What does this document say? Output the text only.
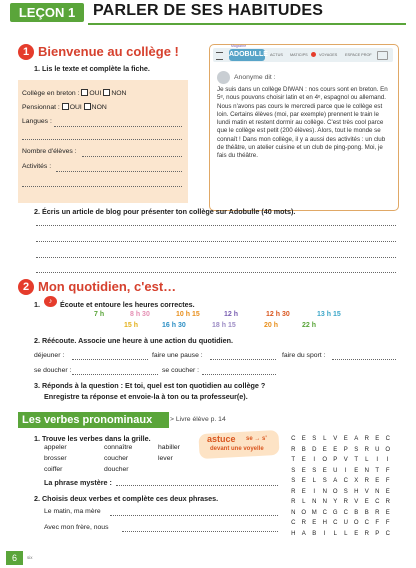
LEÇON 1	PARLER DE SES HABITUDES
1 Bienvenue au collège !
1. Lis le texte et complète la fiche.
Collège en breton : OUI NON
Pensionnat : OUI NON
Langues :
Nombre d'élèves :
Activités :
Magazine
ADOBULLE ACTUS MATICIPS	VOYAGES ESPACE PROF
Anonyme dit :
Je suis dans un collège DIWAN : nos cours sont en breton. En 5ᵉ, nous pouvons choisir latin et en 4ᵉ, espagnol ou allemand. Nous n'avons pas cours le mercredi parce que le collège est loin. Certains élèves (moi, par exemple) prennent le train le lundi matin et restent dormir au collège. C'est très cool parce que le collège est petit (200 élèves). Alors, tout le monde se connaît ! Dans mon collège, il y a aussi des activités : un club de théâtre, un atelier cuisine et un club de ping-pong. Moi, je fais du théâtre.
2. Écris un article de blog pour présenter ton collège sur Adobulle (40 mots).
2 Mon quotidien, c'est…
1.	♪	Écoute et entoure les heures correctes.
7 h	8 h 30	10 h 15	12 h	12 h 30	13 h 15
15 h	16 h 30	18 h 15	20 h	22 h
2. Réécoute. Associe une heure à une action du quotidien.
déjeuner :	faire une pause :	faire du sport :
se doucher :	se coucher :
3. Réponds à la question : Et toi, quel est ton quotidien au collège ?
Enregistre ta réponse et envoie-la à ton ou ta professeur(e).
Les verbes pronominaux	> Livre élève p. 14
1. Trouve les verbes dans la grille.
appeler	connaître	habiller
brosser	coucher	lever
coiffer	doucher
La phrase mystère :
astuce se → s'
devant une voyelle
2. Choisis deux verbes et complète ces deux phrases.
Le matin, ma mère
Avec mon frère, nous
C	E	S	L	V	E	A	R	E	C
R	B	D	E	E	P	S	R	U	O
T	E	I	O	P	V	T	L	I	I
S	E	S	E	U	I	E	N	T	F
S	E	L	S	A	C	X	R	E	F
R	E	I	N	O	S	H	V	N	E
R	L	N	N	Y	R	V	E	C	R
N	O	M	C	G	C	B	B	R	E
C	R	E	H	C	U	O	C	F	F
H	A	B	I	L	L	E	R	P	C
6	six
